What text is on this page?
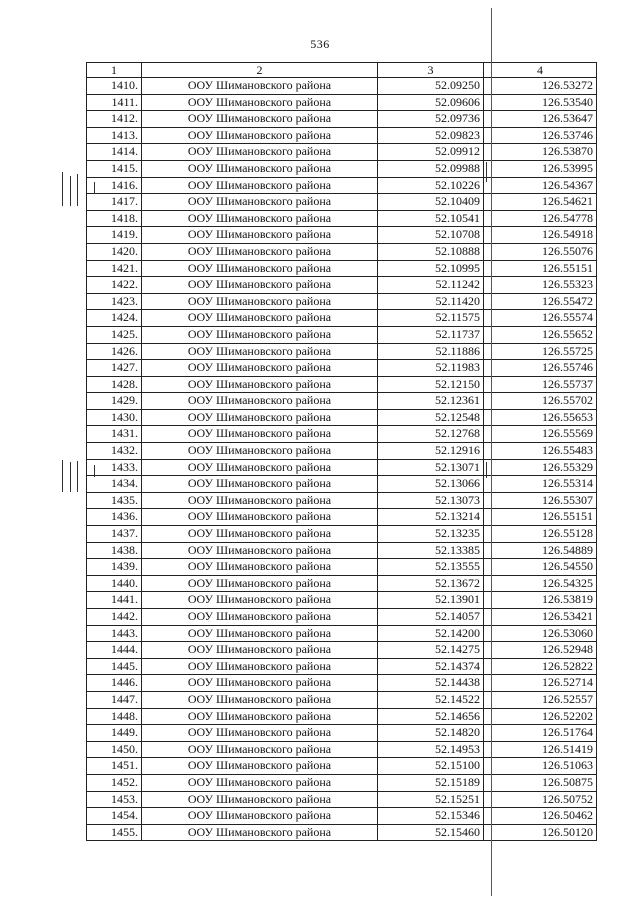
536
1	2	3	4
1410.	ООУ Шимановского района	52.09250	126.53272
1411.	ООУ Шимановского района	52.09606	126.53540
1412.	ООУ Шимановского района	52.09736	126.53647
1413.	ООУ Шимановского района	52.09823	126.53746
1414.	ООУ Шимановского района	52.09912	126.53870
1415.	ООУ Шимановского района	52.09988	126.53995
1416.	ООУ Шимановского района	52.10226	126.54367
1417.	ООУ Шимановского района	52.10409	126.54621
1418.	ООУ Шимановского района	52.10541	126.54778
1419.	ООУ Шимановского района	52.10708	126.54918
1420.	ООУ Шимановского района	52.10888	126.55076
1421.	ООУ Шимановского района	52.10995	126.55151
1422.	ООУ Шимановского района	52.11242	126.55323
1423.	ООУ Шимановского района	52.11420	126.55472
1424.	ООУ Шимановского района	52.11575	126.55574
1425.	ООУ Шимановского района	52.11737	126.55652
1426.	ООУ Шимановского района	52.11886	126.55725
1427.	ООУ Шимановского района	52.11983	126.55746
1428.	ООУ Шимановского района	52.12150	126.55737
1429.	ООУ Шимановского района	52.12361	126.55702
1430.	ООУ Шимановского района	52.12548	126.55653
1431.	ООУ Шимановского района	52.12768	126.55569
1432.	ООУ Шимановского района	52.12916	126.55483
1433.	ООУ Шимановского района	52.13071	126.55329
1434.	ООУ Шимановского района	52.13066	126.55314
1435.	ООУ Шимановского района	52.13073	126.55307
1436.	ООУ Шимановского района	52.13214	126.55151
1437.	ООУ Шимановского района	52.13235	126.55128
1438.	ООУ Шимановского района	52.13385	126.54889
1439.	ООУ Шимановского района	52.13555	126.54550
1440.	ООУ Шимановского района	52.13672	126.54325
1441.	ООУ Шимановского района	52.13901	126.53819
1442.	ООУ Шимановского района	52.14057	126.53421
1443.	ООУ Шимановского района	52.14200	126.53060
1444.	ООУ Шимановского района	52.14275	126.52948
1445.	ООУ Шимановского района	52.14374	126.52822
1446.	ООУ Шимановского района	52.14438	126.52714
1447.	ООУ Шимановского района	52.14522	126.52557
1448.	ООУ Шимановского района	52.14656	126.52202
1449.	ООУ Шимановского района	52.14820	126.51764
1450.	ООУ Шимановского района	52.14953	126.51419
1451.	ООУ Шимановского района	52.15100	126.51063
1452.	ООУ Шимановского района	52.15189	126.50875
1453.	ООУ Шимановского района	52.15251	126.50752
1454.	ООУ Шимановского района	52.15346	126.50462
1455.	ООУ Шимановского района	52.15460	126.50120
